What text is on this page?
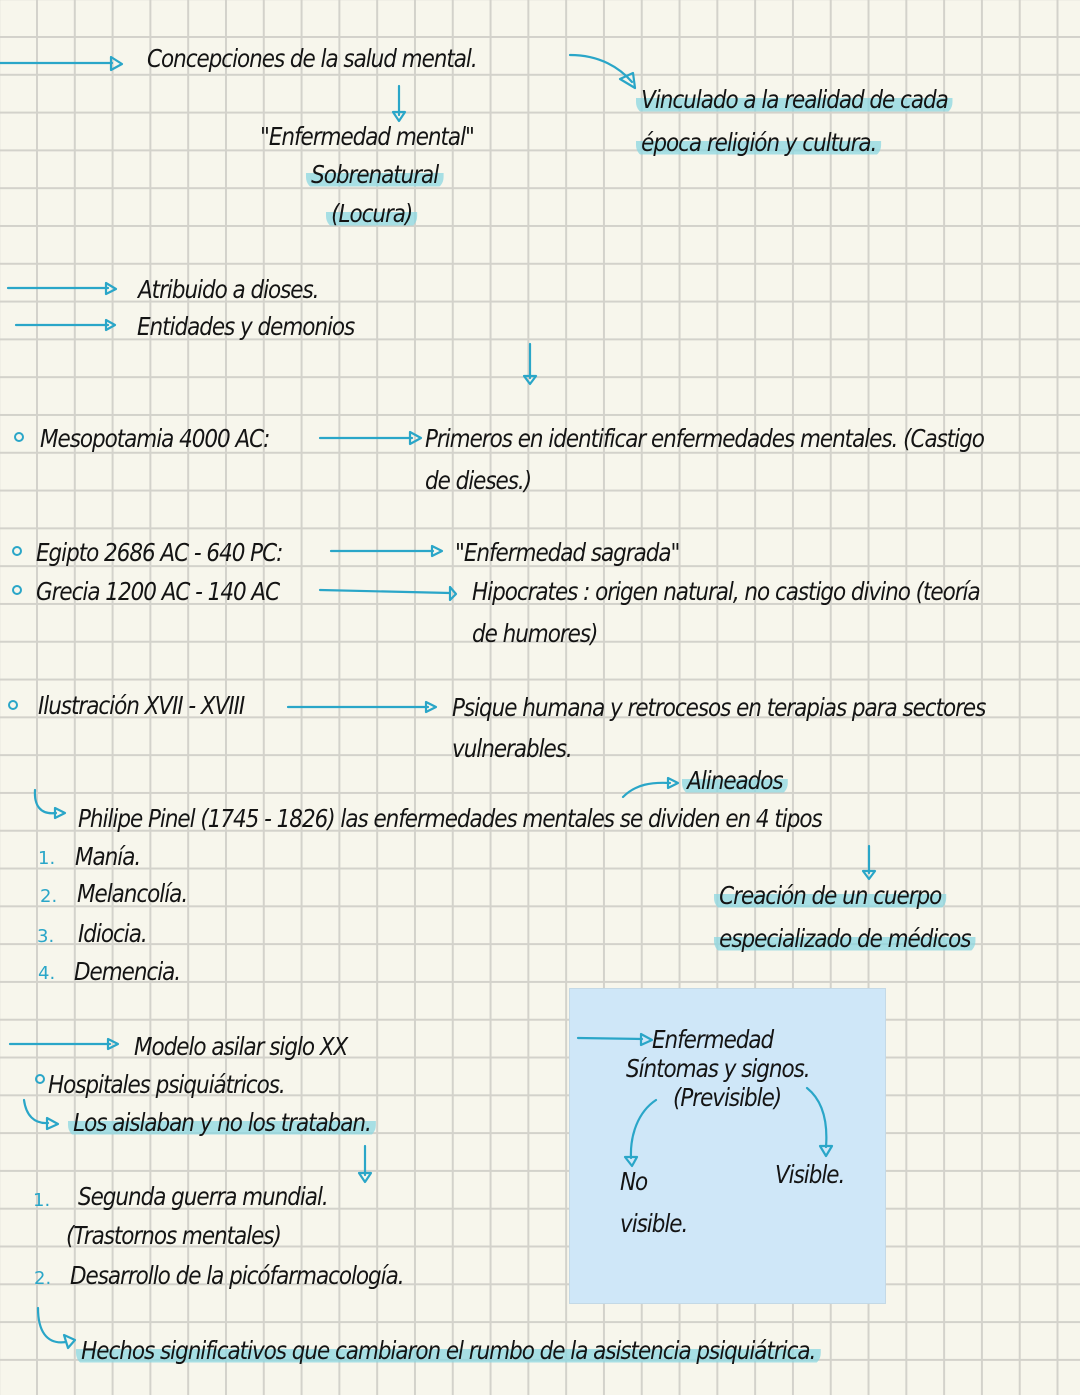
Concepciones de la salud mental.
"Enfermedad mental"
Sobrenatural
(Locura)
Vinculado a la realidad de cada
época religión y cultura.
Atribuido a dioses.
Entidades y demonios
Mesopotamia 4000 AC:	Primeros en identificar enfermedades mentales. (Castigo
de dieses.)
Egipto 2686 AC - 640 PC:	"Enfermedad sagrada"
Grecia 1200 AC - 140 AC	Hipocrates : origen natural, no castigo divino (teoría
de humores)
Ilustración XVII - XVIII	Psique humana y retrocesos en terapias para sectores
vulnerables.
Alineados
Philipe Pinel (1745 - 1826) las enfermedades mentales se dividen en 4 tipos
1. Manía.
2. Melancolía.
3. Idiocia.
4. Demencia.
Creación de un cuerpo
especializado de médicos
Modelo asilar siglo XX
Hospitales psiquiátricos.
Los aislaban y no los trataban.
1. Segunda guerra mundial.
(Trastornos mentales)
2. Desarrollo de la picófarmacología.
Hechos significativos que cambiaron el rumbo de la asistencia psiquiátrica.
Enfermedad
Síntomas y signos.
(Previsible)
No
visible.
Visible.
